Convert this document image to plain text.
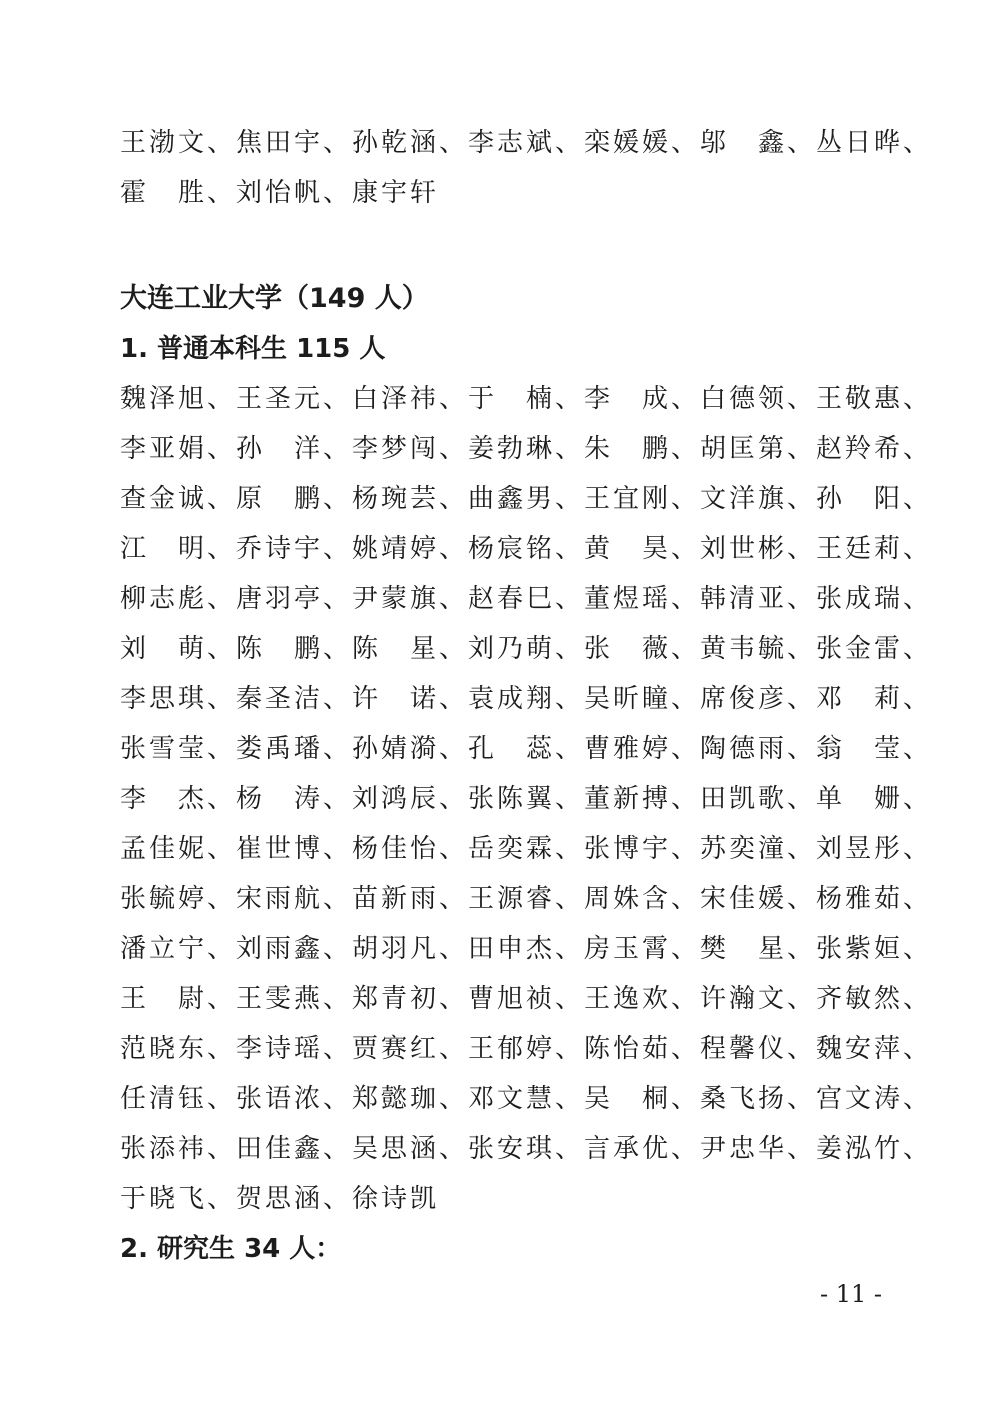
王渤文、焦田宇、孙乾涵、李志斌、栾媛媛、邬　鑫、丛日晔、
霍　胜、刘怡帆、康宇轩
大连工业大学（149 人）
1. 普通本科生 115 人
魏泽旭、王圣元、白泽祎、于　楠、李　成、白德领、王敬惠、
李亚娟、孙　洋、李梦闯、姜勃琳、朱　鹏、胡匡第、赵羚希、
查金诚、原　鹏、杨琬芸、曲鑫男、王宜刚、文洋旗、孙　阳、
江　明、乔诗宇、姚靖婷、杨宸铭、黄　昊、刘世彬、王廷莉、
柳志彪、唐羽亭、尹蒙旗、赵春巳、董煜瑶、韩清亚、张成瑞、
刘　萌、陈　鹏、陈　星、刘乃萌、张　薇、黄韦毓、张金雷、
李思琪、秦圣洁、许　诺、袁成翔、吴昕瞳、席俊彦、邓　莉、
张雪莹、娄禹璠、孙婧漪、孔　蕊、曹雅婷、陶德雨、翁　莹、
李　杰、杨　涛、刘鸿辰、张陈翼、董新搏、田凯歌、单　姗、
孟佳妮、崔世博、杨佳怡、岳奕霖、张博宇、苏奕潼、刘昱彤、
张毓婷、宋雨航、苗新雨、王源睿、周姝含、宋佳媛、杨雅茹、
潘立宁、刘雨鑫、胡羽凡、田申杰、房玉霄、樊　星、张紫姮、
王　尉、王雯燕、郑青初、曹旭祯、王逸欢、许瀚文、齐敏然、
范晓东、李诗瑶、贾赛红、王郁婷、陈怡茹、程馨仪、魏安萍、
任清钰、张语浓、郑懿珈、邓文慧、吴　桐、桑飞扬、宫文涛、
张添祎、田佳鑫、吴思涵、张安琪、言承优、尹忠华、姜泓竹、
于晓飞、贺思涵、徐诗凯
2. 研究生 34 人：
- 11 -
